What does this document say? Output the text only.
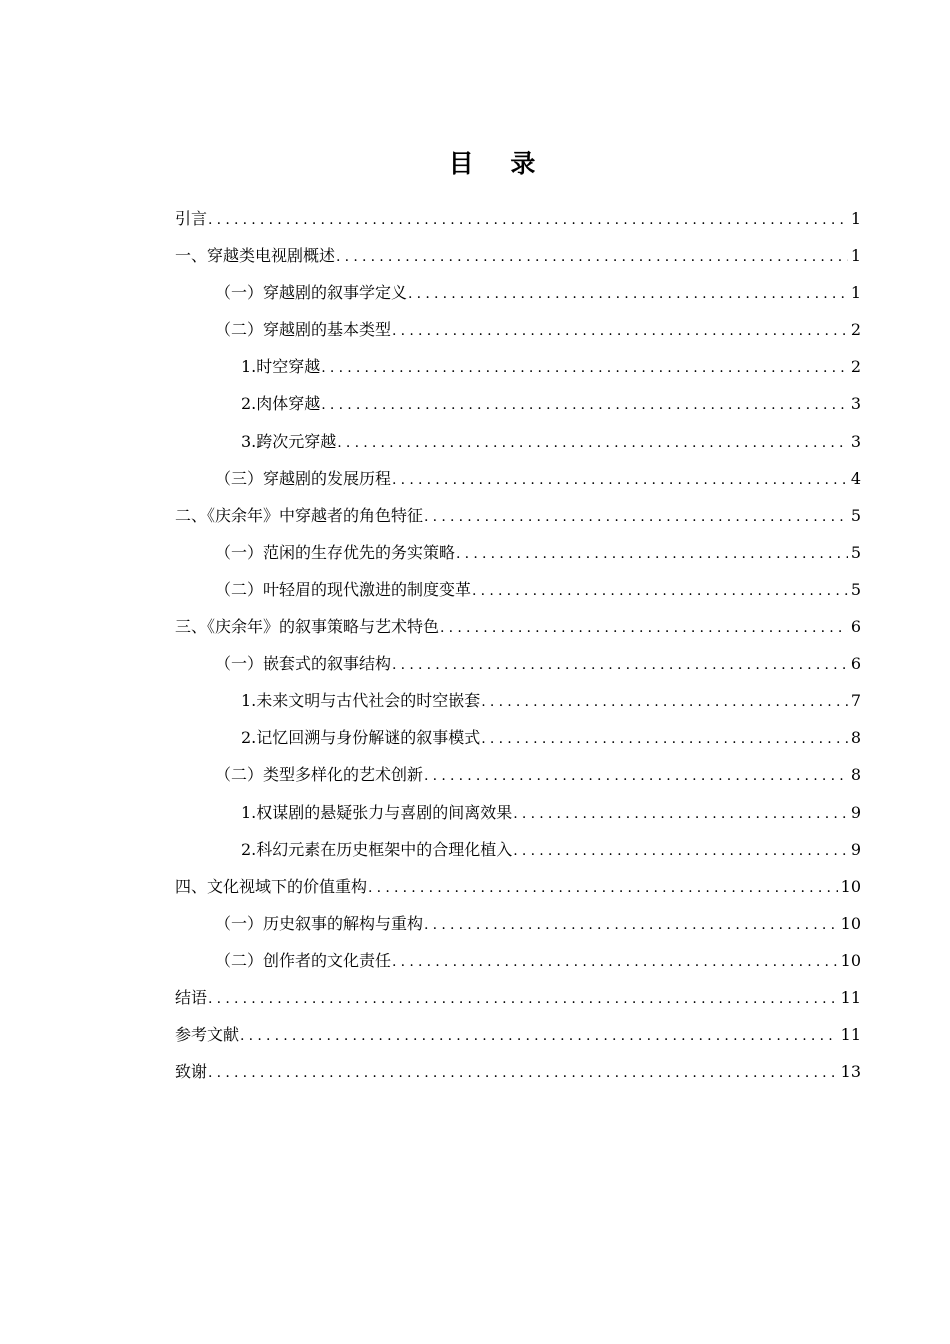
目 录
引言 .....	1
一、穿越类电视剧概述 .....	1
（一）穿越剧的叙事学定义 .....	1
（二）穿越剧的基本类型 .....	2
1.时空穿越 .....	2
2.肉体穿越 .....	3
3.跨次元穿越 .....	3
（三）穿越剧的发展历程 .....	4
二、《庆余年》中穿越者的角色特征 .....	5
（一）范闲的生存优先的务实策略 .....	5
（二）叶轻眉的现代激进的制度变革 .....	5
三、《庆余年》的叙事策略与艺术特色 .....	6
（一）嵌套式的叙事结构 .....	6
1.未来文明与古代社会的时空嵌套 .....	7
2.记忆回溯与身份解谜的叙事模式 .....	8
（二）类型多样化的艺术创新 .....	8
1.权谋剧的悬疑张力与喜剧的间离效果 .....	9
2.科幻元素在历史框架中的合理化植入 .....	9
四、文化视域下的价值重构 .....	10
（一）历史叙事的解构与重构 .....	10
（二）创作者的文化责任 .....	10
结语 .....	11
参考文献 .....	11
致谢 .....	13
